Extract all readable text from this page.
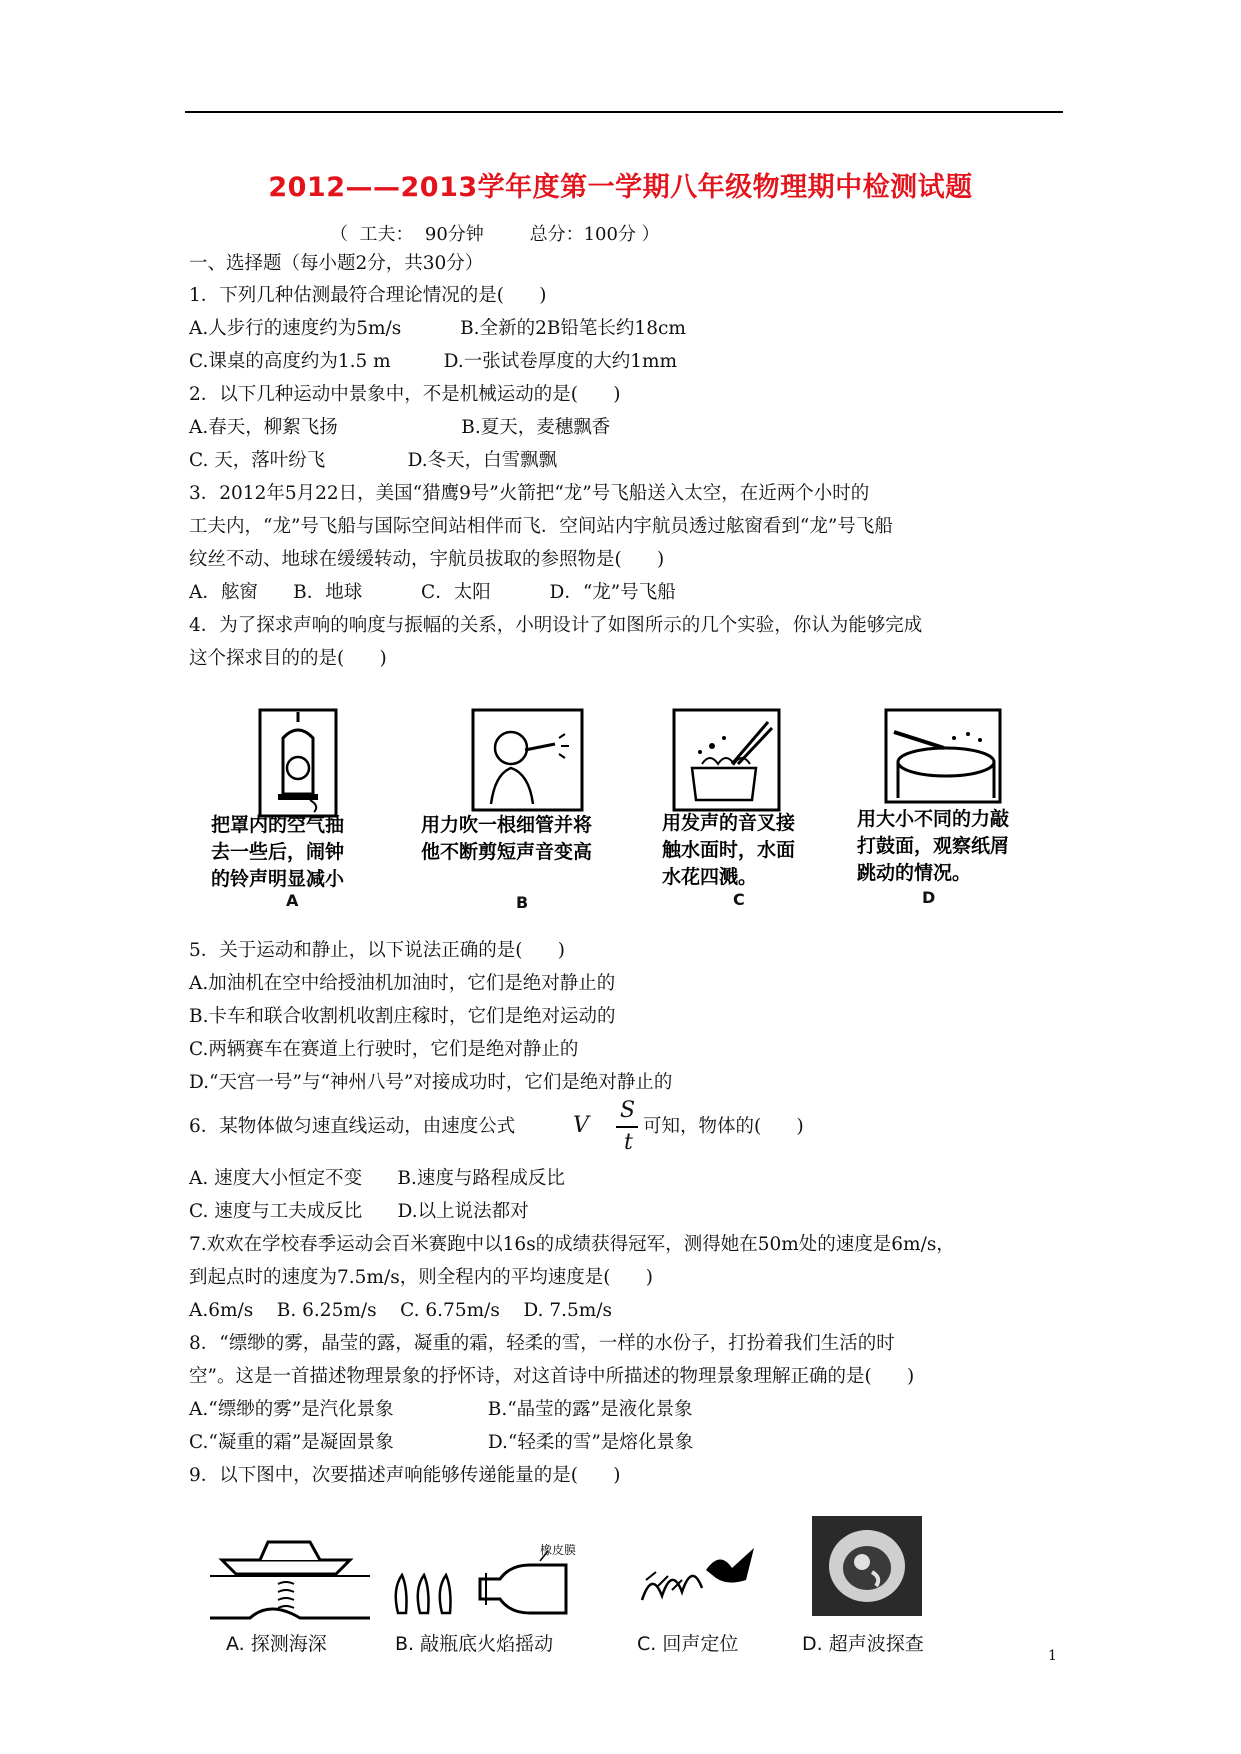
2012——2013学年度第一学期八年级物理期中检测试题
（  工夫：  90分钟        总分：100分 ）
一、选择题（每小题2分，共30分）
1．下列几种估测最符合理论情况的是(      )
A.人步行的速度约为5m/s          B.全新的2B铅笔长约18cm
C.课桌的高度约为1.5 m         D.一张试卷厚度的大约1mm
2．以下几种运动中景象中，不是机械运动的是(      )
A.春天，柳絮飞扬                     B.夏天，麦穗飘香
C. 天，落叶纷飞              D.冬天，白雪飘飘
3．2012年5月22日，美国“猎鹰9号”火箭把“龙”号飞船送入太空，在近两个小时的
工夫内，“龙”号飞船与国际空间站相伴而飞．空间站内宇航员透过舷窗看到“龙”号飞船
纹丝不动、地球在缓缓转动，宇航员拔取的参照物是(      )
A．舷窗      B．地球          C．太阳          D．“龙”号飞船
4．为了探求声响的响度与振幅的关系，小明设计了如图所示的几个实验，你认为能够完成
这个探求目的的是(      )
把罩内的空气抽
去一些后，闹钟
的铃声明显减小
用力吹一根细管并将
他不断剪短声音变高
用发声的音叉接
触水面时，水面
水花四溅。
用大小不同的力敲
打鼓面，观察纸屑
跳动的情况。
A	B	C	D
5．关于运动和静止，以下说法正确的是(      )
A.加油机在空中给授油机加油时，它们是绝对静止的
B.卡车和联合收割机收割庄稼时，它们是绝对运动的
C.两辆赛车在赛道上行驶时，它们是绝对静止的
D.“天宫一号”与“神州八号”对接成功时，它们是绝对静止的
6．某物体做匀速直线运动，由速度公式	V
S
t
可知，物体的(      )
A. 速度大小恒定不变      B.速度与路程成反比
C. 速度与工夫成反比      D.以上说法都对
7.欢欢在学校春季运动会百米赛跑中以16s的成绩获得冠军，测得她在50m处的速度是6m/s，
到起点时的速度为7.5m/s，则全程内的平均速度是(      )
A.6m/s    B. 6.25m/s    C. 6.75m/s    D. 7.5m/s
8．“缥缈的雾，晶莹的露，凝重的霜，轻柔的雪，一样的水份子，打扮着我们生活的时
空”。这是一首描述物理景象的抒怀诗，对这首诗中所描述的物理景象理解正确的是(      )
A.“缥缈的雾”是汽化景象                B.“晶莹的露”是液化景象
C.“凝重的霜”是凝固景象                D.“轻柔的雪”是熔化景象
9．以下图中，次要描述声响能够传递能量的是(      )
橡皮膜
A. 探测海深	B. 敲瓶底火焰摇动	C. 回声定位	D. 超声波探查
1
